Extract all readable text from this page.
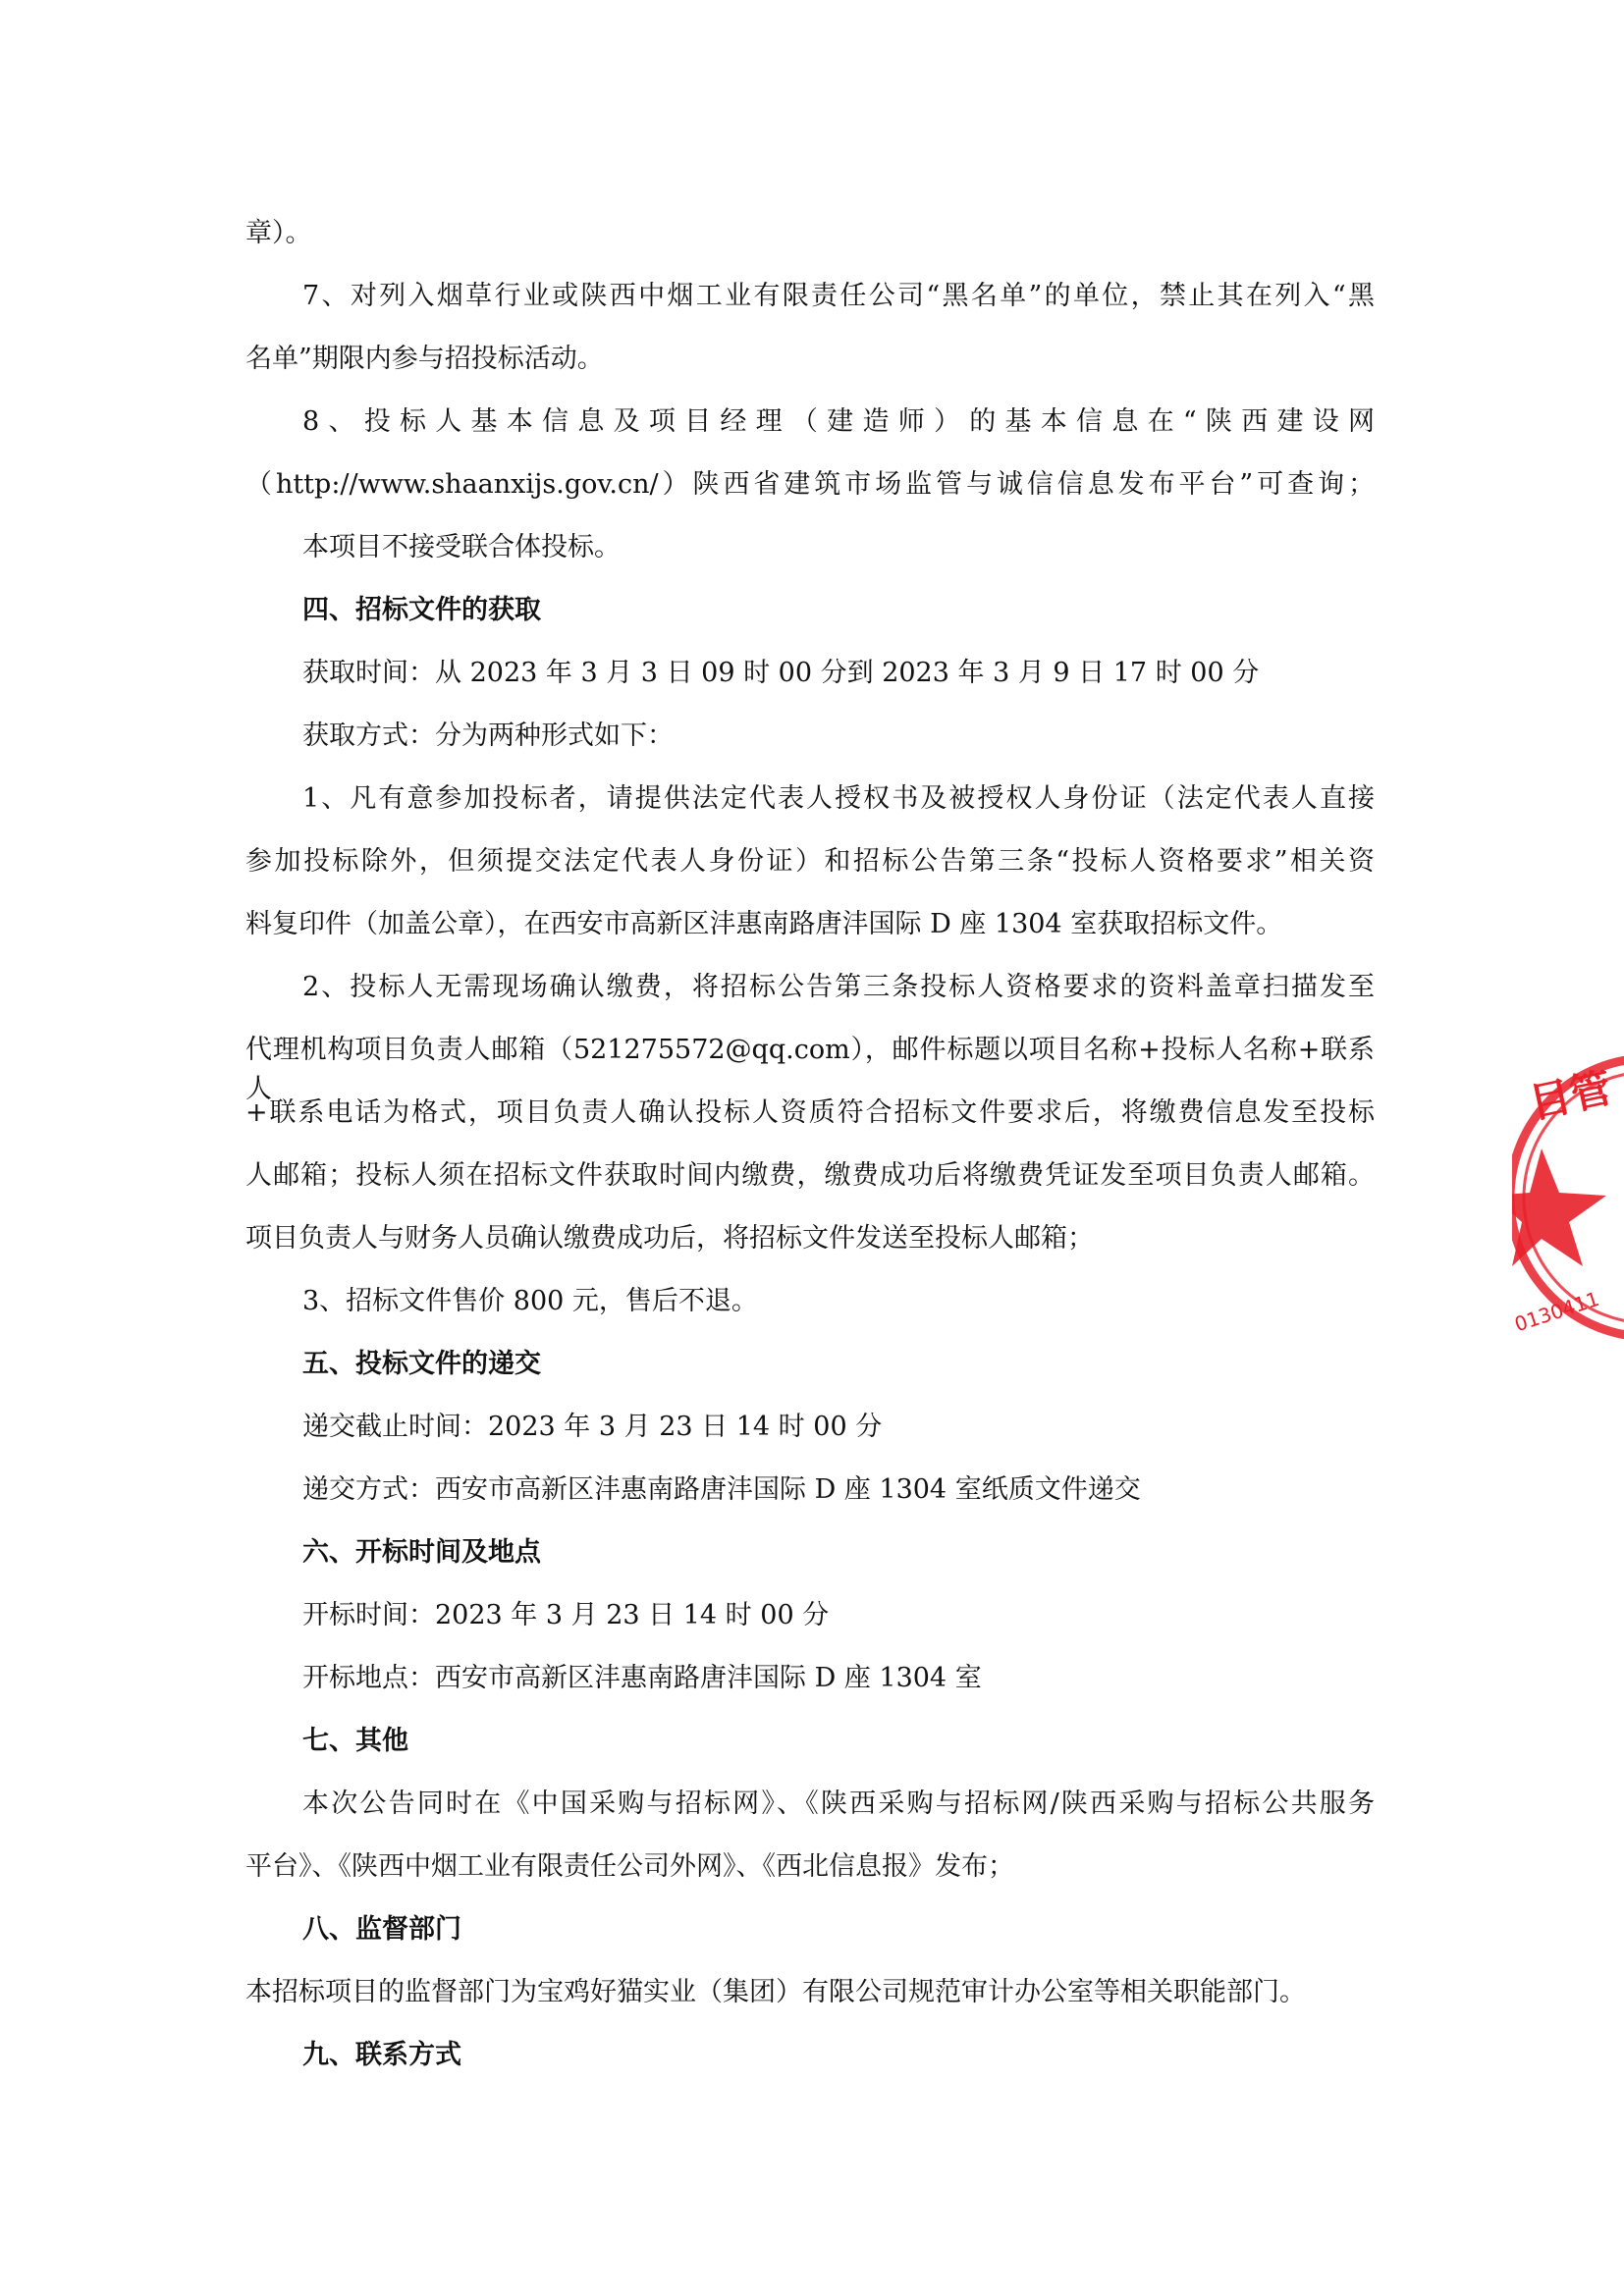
章）。
7、对列入烟草行业或陕西中烟工业有限责任公司“黑名单”的单位，禁止其在列入“黑
名单”期限内参与招投标活动。
8、投标人基本信息及项目经理（建造师）的基本信息在“陕西建设网
（http://www.shaanxijs.gov.cn/）陕西省建筑市场监管与诚信信息发布平台”可查询；
本项目不接受联合体投标。
四、招标文件的获取
获取时间：从 2023 年 3 月 3 日 09 时 00 分到 2023 年 3 月 9 日 17 时 00 分
获取方式：分为两种形式如下：
1、凡有意参加投标者，请提供法定代表人授权书及被授权人身份证（法定代表人直接
参加投标除外，但须提交法定代表人身份证）和招标公告第三条“投标人资格要求”相关资
料复印件（加盖公章），在西安市高新区沣惠南路唐沣国际 D 座 1304 室获取招标文件。
2、投标人无需现场确认缴费，将招标公告第三条投标人资格要求的资料盖章扫描发至
代理机构项目负责人邮箱（521275572@qq.com），邮件标题以项目名称+投标人名称+联系人
+联系电话为格式，项目负责人确认投标人资质符合招标文件要求后，将缴费信息发至投标
人邮箱；投标人须在招标文件获取时间内缴费，缴费成功后将缴费凭证发至项目负责人邮箱。
项目负责人与财务人员确认缴费成功后，将招标文件发送至投标人邮箱；
3、招标文件售价 800 元，售后不退。
五、投标文件的递交
递交截止时间：2023 年 3 月 23 日 14 时 00 分
递交方式：西安市高新区沣惠南路唐沣国际 D 座 1304 室纸质文件递交
六、开标时间及地点
开标时间：2023 年 3 月 23 日 14 时 00 分
开标地点：西安市高新区沣惠南路唐沣国际 D 座 1304 室
七、其他
本次公告同时在《中国采购与招标网》、《陕西采购与招标网/陕西采购与招标公共服务
平台》、《陕西中烟工业有限责任公司外网》、《西北信息报》发布；
八、监督部门
本招标项目的监督部门为宝鸡好猫实业（集团）有限公司规范审计办公室等相关职能部门。
九、联系方式
目管
0130411
